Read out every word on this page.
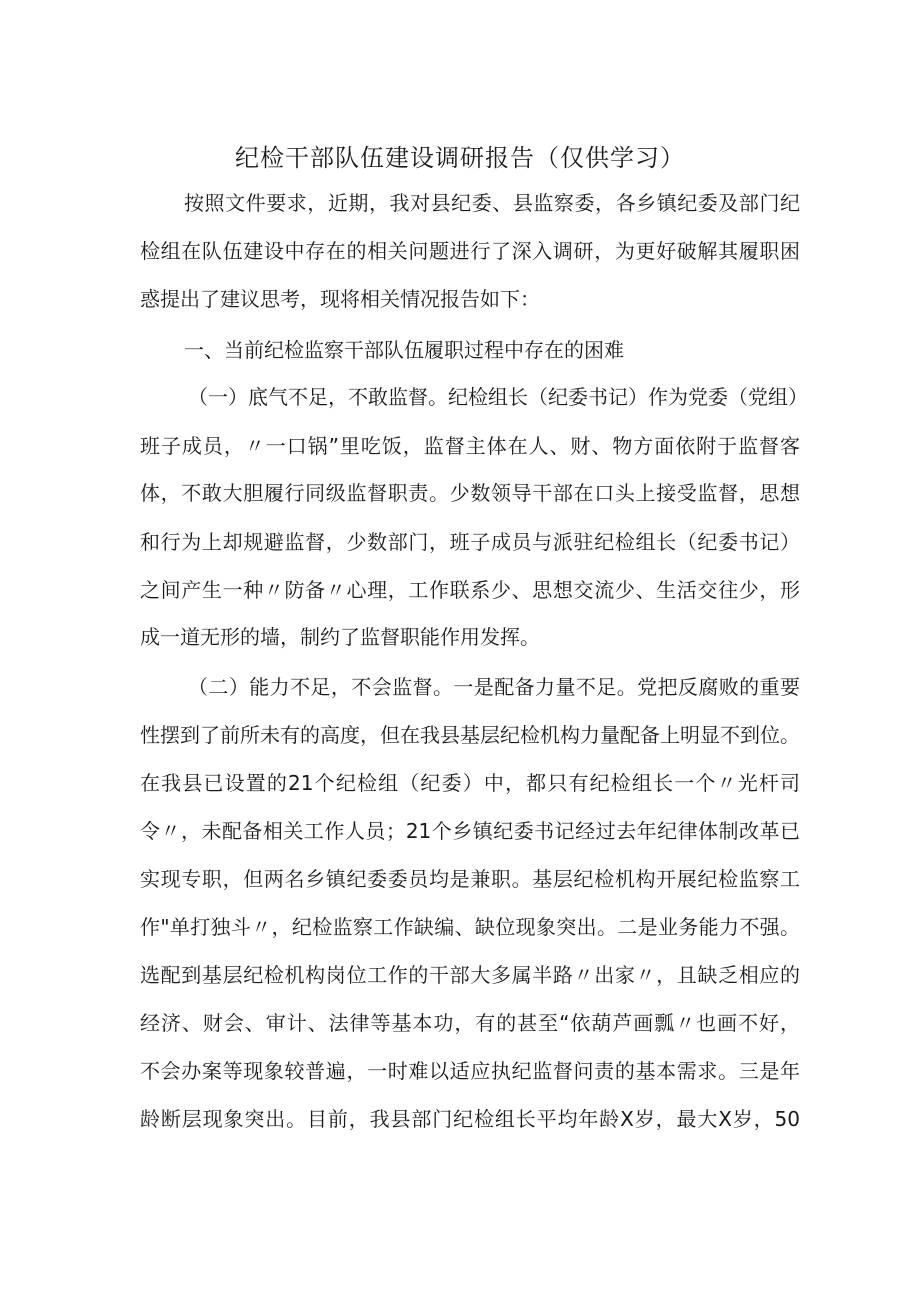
纪检干部队伍建设调研报告（仅供学习）
按照文件要求，近期，我对县纪委、县监察委，各乡镇纪委及部门纪
检组在队伍建设中存在的相关问题进行了深入调研，为更好破解其履职困
惑提出了建议思考，现将相关情况报告如下：
一、当前纪检监察干部队伍履职过程中存在的困难
（一）底气不足，不敢监督。纪检组长（纪委书记）作为党委（党组）
班子成员，〃一口锅”里吃饭，监督主体在人、财、物方面依附于监督客
体，不敢大胆履行同级监督职责。少数领导干部在口头上接受监督，思想
和行为上却规避监督，少数部门，班子成员与派驻纪检组长（纪委书记）
之间产生一种〃防备〃心理，工作联系少、思想交流少、生活交往少，形
成一道无形的墙，制约了监督职能作用发挥。
（二）能力不足，不会监督。一是配备力量不足。党把反腐败的重要
性摆到了前所未有的高度，但在我县基层纪检机构力量配备上明显不到位。
在我县已设置的21个纪检组（纪委）中，都只有纪检组长一个〃光杆司
令〃，未配备相关工作人员；21个乡镇纪委书记经过去年纪律体制改革已
实现专职，但两名乡镇纪委委员均是兼职。基层纪检机构开展纪检监察工
作"单打独斗〃，纪检监察工作缺编、缺位现象突出。二是业务能力不强。
选配到基层纪检机构岗位工作的干部大多属半路〃出家〃，且缺乏相应的
经济、财会、审计、法律等基本功，有的甚至“依葫芦画瓢〃也画不好，
不会办案等现象较普遍，一时难以适应执纪监督问责的基本需求。三是年
龄断层现象突出。目前，我县部门纪检组长平均年龄X岁，最大X岁，50
